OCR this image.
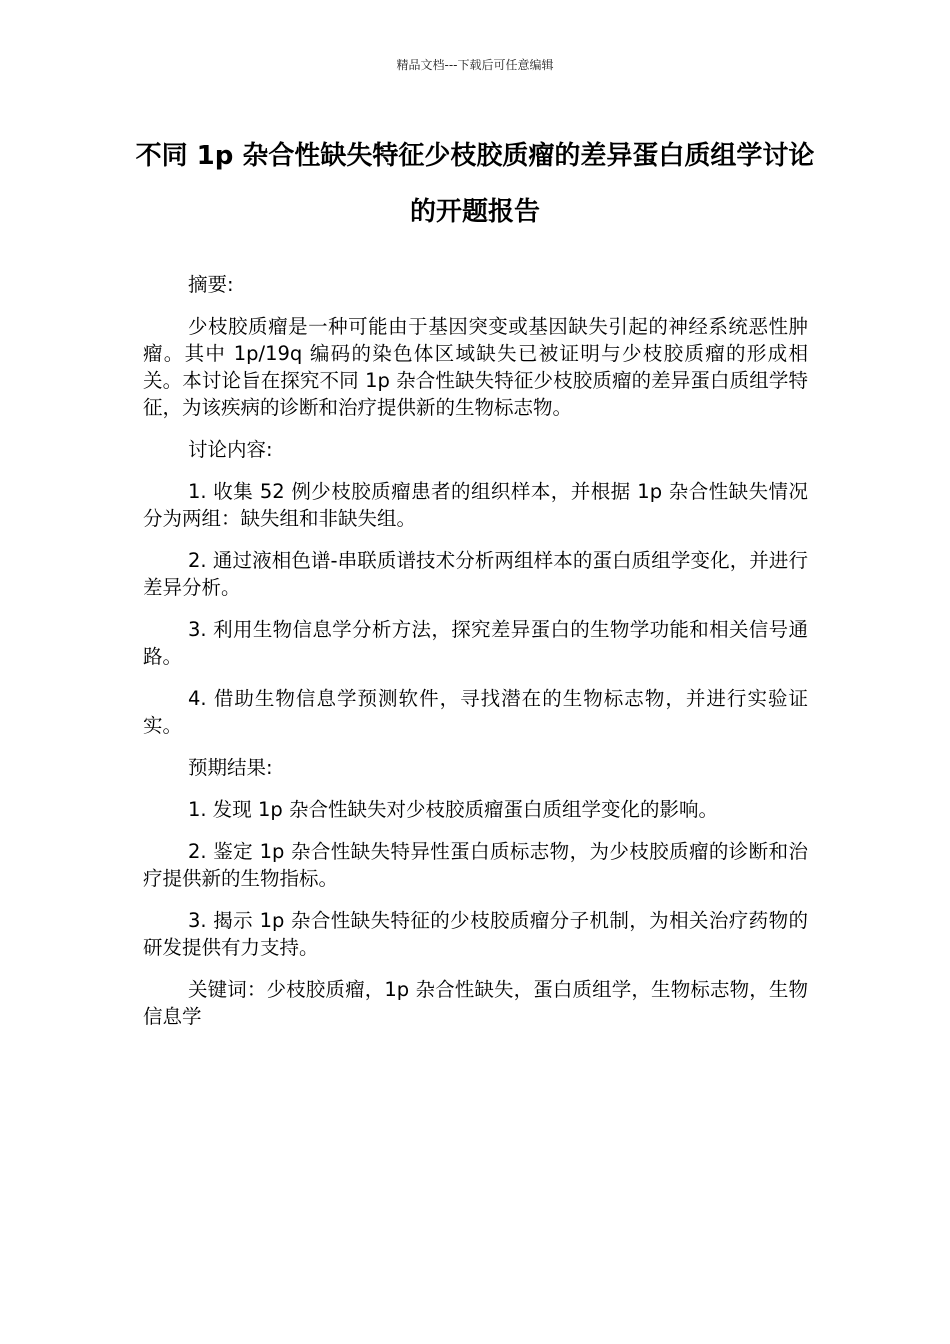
精品文档---下载后可任意编辑
不同 1p 杂合性缺失特征少枝胶质瘤的差异蛋白质组学讨论的开题报告

摘要:

少枝胶质瘤是一种可能由于基因突变或基因缺失引起的神经系统恶性肿瘤。其中 1p/19q 编码的染色体区域缺失已被证明与少枝胶质瘤的形成相关。本讨论旨在探究不同 1p 杂合性缺失特征少枝胶质瘤的差异蛋白质组学特征，为该疾病的诊断和治疗提供新的生物标志物。

讨论内容:

1. 收集 52 例少枝胶质瘤患者的组织样本，并根据 1p 杂合性缺失情况分为两组：缺失组和非缺失组。

2. 通过液相色谱-串联质谱技术分析两组样本的蛋白质组学变化，并进行差异分析。

3. 利用生物信息学分析方法，探究差异蛋白的生物学功能和相关信号通路。

4. 借助生物信息学预测软件，寻找潜在的生物标志物，并进行实验证实。

预期结果:

1. 发现 1p 杂合性缺失对少枝胶质瘤蛋白质组学变化的影响。

2. 鉴定 1p 杂合性缺失特异性蛋白质标志物，为少枝胶质瘤的诊断和治疗提供新的生物指标。

3. 揭示 1p 杂合性缺失特征的少枝胶质瘤分子机制，为相关治疗药物的研发提供有力支持。

关键词：少枝胶质瘤，1p 杂合性缺失，蛋白质组学，生物标志物，生物信息学
